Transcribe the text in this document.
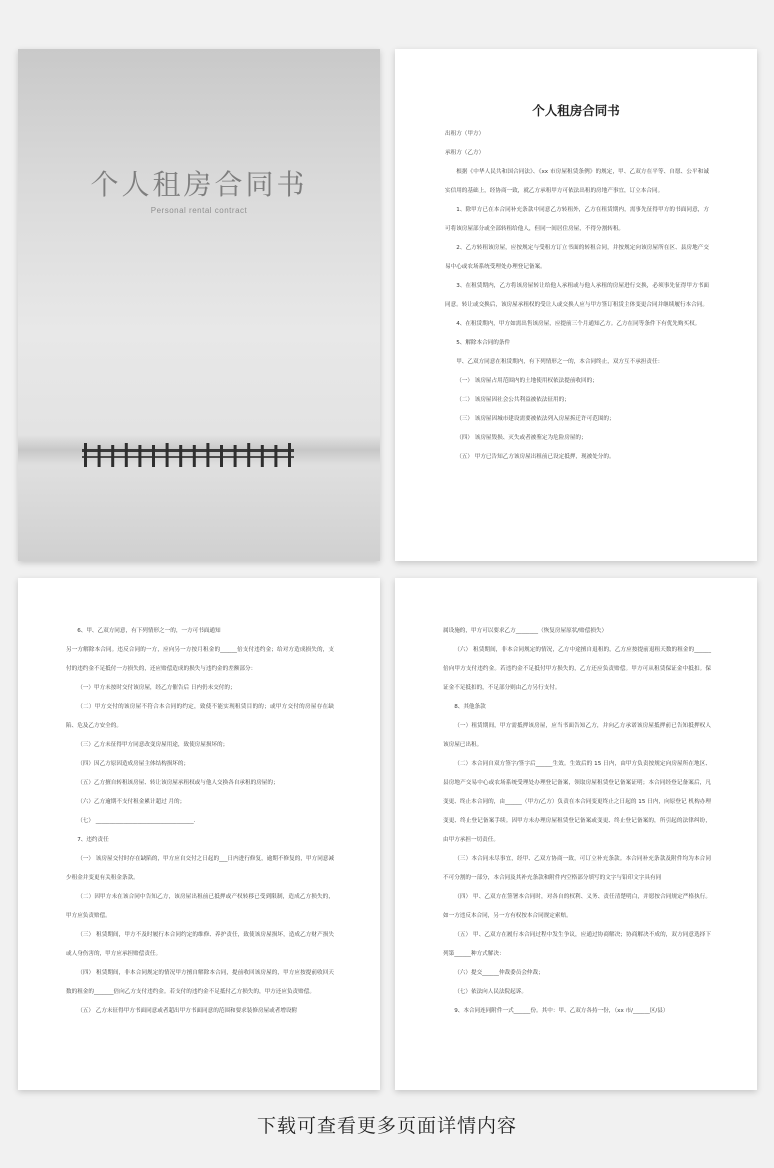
个人租房合同书
Personal rental contract
个人租房合同书

出租方（甲方）

承租方（乙方）

根据《中华人民共和国合同法》、《xx 市房屋租赁条例》的规定，甲、乙双方在平等、自愿、公平和诚实信用的基础上，经协商一致，就乙方承租甲方可依法出租的房地产事宜，订立本合同。

1、除甲方已在本合同补充条款中同意乙方转租外，乙方在租赁期内，需事先征得甲方的书面同意，方可将该房屋部分或全部转租给他人，但同一间居住房屋，不得分割转租。

2、乙方转租该房屋，应按规定与受租方订立书面的转租合同，并按规定向该房屋所在区、县房地产交易中心或农场系统受理处办理登记备案。

3、在租赁期内，乙方将该房屋转让给他人承租或与他人承租的房屋进行交换，必须事先征得甲方书面同意。转让或交换后，该房屋承租权的受让人或交换人应与甲方签订租赁主体变更合同并继续履行本合同。

4、在租赁期内，甲方如需出售该房屋，应提前三个月通知乙方。乙方在同等条件下有优先购买权。

5、解除本合同的条件

甲、乙双方同意在租赁期内，有下列情形之一的，本合同终止，双方互不承担责任：

（一） 该房屋占用范围内的土地使用权依法提前收回的；

（二） 该房屋因社会公共利益被依法征用的；

（三） 该房屋因城市建设需要被依法列入房屋拆迁许可范围的；

（四） 该房屋毁损、灭失或者被鉴定为危险房屋的；

（五） 甲方已告知乙方该房屋出租前已设定抵押，现被处分的。

6、甲、乙双方同意，有下列情形之一的，一方可书面通知

另一方解除本合同。违反合同的一方，应向另一方按月租金的______倍支付违约金；给对方造成损失的，支付的违约金不足抵付一方损失的，还应赔偿造成的损失与违约金的差额部分：

（一）甲方未按时交付该房屋，经乙方催告后 日内仍未交付的；

（二）甲方交付的该房屋不符合本合同的约定，致使不能实现租赁目的的；或甲方交付的房屋存在缺陷、危及乙方安全的。

（三）乙方未征得甲方同意改变房屋用途，致使房屋损坏的；

（四）因乙方原因造成房屋主体结构损坏的；

（五）乙方擅自转租该房屋、转让该房屋承租权或与他人交换各自承租的房屋的；

（六）乙方逾期不支付租金累计超过 月的；

（七） ___________________________________.

7、违约责任

（一） 该房屋交付时存在缺陷的，甲方应自交付之日起的___日内进行修复，逾期不修复的，甲方同意减少租金并变更有关租金条款。

（二）因甲方未在该合同中告知乙方，该房屋出租前已抵押或产权转移已受到限制，造成乙方损失的，甲方应负责赔偿。

（三） 租赁期间，甲方不及时履行本合同约定的维修、养护责任，致使该房屋损坏，造成乙方财产损失或人身伤害的，甲方应承担赔偿责任。

（四） 租赁期间，非本合同规定的情况甲方擅自解除本合同，提前收回该房屋的，甲方应按提前收回天数的租金的_______倍向乙方支付违约金。若支付的违约金不足抵付乙方损失的，甲方还应负责赔偿。

（五） 乙方未征得甲方书面同意或者超出甲方书面同意的范围和要求装修房屋或者增设附

属设施的，甲方可以要求乙方________（恢复房屋原状/赔偿损失）

（六） 租赁期间，非本合同规定的情况，乙方中途擅自退租的，乙方应按提前退租天数的租金的______倍向甲方支付违约金。若违约金不足抵付甲方损失的，乙方还应负责赔偿。甲方可从租赁保证金中抵扣。保证金不足抵扣的，不足部分则由乙方另行支付。

8、其他条款

（一）租赁期间，甲方需抵押该房屋，应当书面告知乙方，并向乙方承诺该房屋抵押前已告知抵押权人该房屋已出租。

（二）本合同自双方签字/签字后______生效。生效后的 15 日内，由甲方负责按规定向房屋所在地区、县房地产交易中心或农场系统受理处办理登记备案，领取房屋租赁登记备案证明；本合同经登记备案后，凡变更、终止本合同的，由______（甲方/乙方）负责在本合同变更终止之日起的 15 日内，向原登记 机构办理变更、终止登记备案手续。因甲方未办理房屋租赁登记备案或变更、终止登记备案的，所引起的法律纠纷，由甲方承担一切责任。

（三）本合同未尽事宜，经甲、乙双方协商一致，可订立补充条款。本合同补充条款及附件均为本合同不可分割的一部分，本合同及其补充条款和附件内空格部分填写的文字与铅印文字具有同

（四） 甲、乙双方在签署本合同时，对各自的权利、义务、责任清楚明白，并愿按合同规定严格执行。如一方违反本合同，另一方有权按本合同规定索赔。

（五） 甲、乙双方在履行本合同过程中发生争议，应通过协商解决；协商解决不成的，双方同意选择下列第______种方式解决：

（六）提交______仲裁委员会仲裁；

（七）依法向人民法院起诉。

9、本合同连同附件一式______份。其中：甲、乙双方各持一份，（xx 市/______区/县）

下载可查看更多页面详情内容
